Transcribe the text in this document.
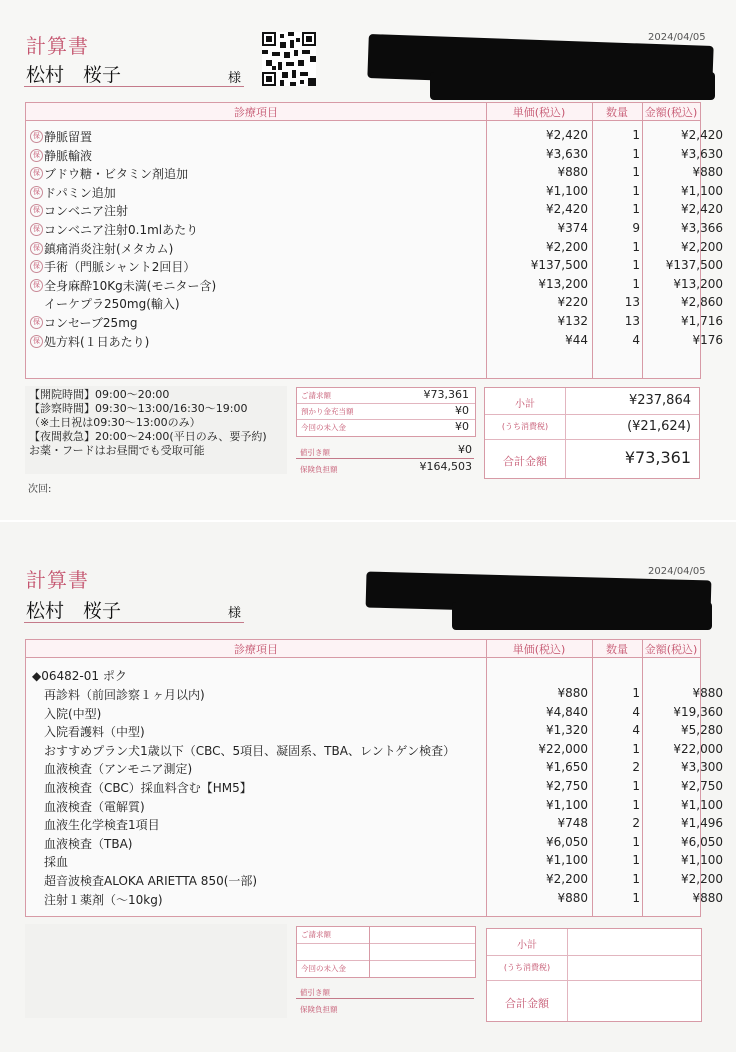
計算書
松村　桜子	様
2024/04/05
診療項目	単価(税込)	数量	金額(税込)
保 静脈留置	¥2,420	1	¥2,420
保 静脈輸液	¥3,630	1	¥3,630
保 ブドウ糖・ビタミン剤追加	¥880	1	¥880
保 ドパミン追加	¥1,100	1	¥1,100
保 コンベニア注射	¥2,420	1	¥2,420
保 コンベニア注射0.1mlあたり	¥374	9	¥3,366
保 鎮痛消炎注射(メタカム)	¥2,200	1	¥2,200
保 手術（門脈シャント2回目）	¥137,500	1	¥137,500
保 全身麻酔10Kg未満(モニター含)	¥13,200	1	¥13,200
イーケプラ250mg(輸入)	¥220	13	¥2,860
保 コンセーブ25mg	¥132	13	¥1,716
保 処方料(１日あたり)	¥44	4	¥176
【開院時間】09:00〜20:00
【診察時間】09:30〜13:00/16:30〜19:00
（※土日祝は09:30〜13:00のみ）
【夜間救急】20:00〜24:00(平日のみ、要予約)
お薬・フードはお昼間でも受取可能
ご請求額	¥73,361
預かり金充当額	¥0
今回の未入金	¥0
値引き額	¥0
保険負担額	¥164,503
小計	¥237,864
(うち消費税)	(¥21,624)
合計金額	¥73,361
次回:
計算書
松村　桜子	様
2024/04/05
診療項目	単価(税込)	数量	金額(税込)
◆06482-01 ポク
再診料（前回診察１ヶ月以内)	¥880	1	¥880
入院(中型)	¥4,840	4	¥19,360
入院看護料（中型)	¥1,320	4	¥5,280
おすすめプラン犬1歳以下（CBC、5項目、凝固系、TBA、レントゲン検査）	¥22,000	1	¥22,000
血液検査（アンモニア測定)	¥1,650	2	¥3,300
血液検査（CBC）採血料含む【HM5】	¥2,750	1	¥2,750
血液検査（電解質)	¥1,100	1	¥1,100
血液生化学検査1項目	¥748	2	¥1,496
血液検査（TBA)	¥6,050	1	¥6,050
採血	¥1,100	1	¥1,100
超音波検査ALOKA ARIETTA 850(一部)	¥2,200	1	¥2,200
注射１薬剤（〜10kg)	¥880	1	¥880
ご請求額
今回の未入金
値引き額
保険負担額
小計
(うち消費税)
合計金額
